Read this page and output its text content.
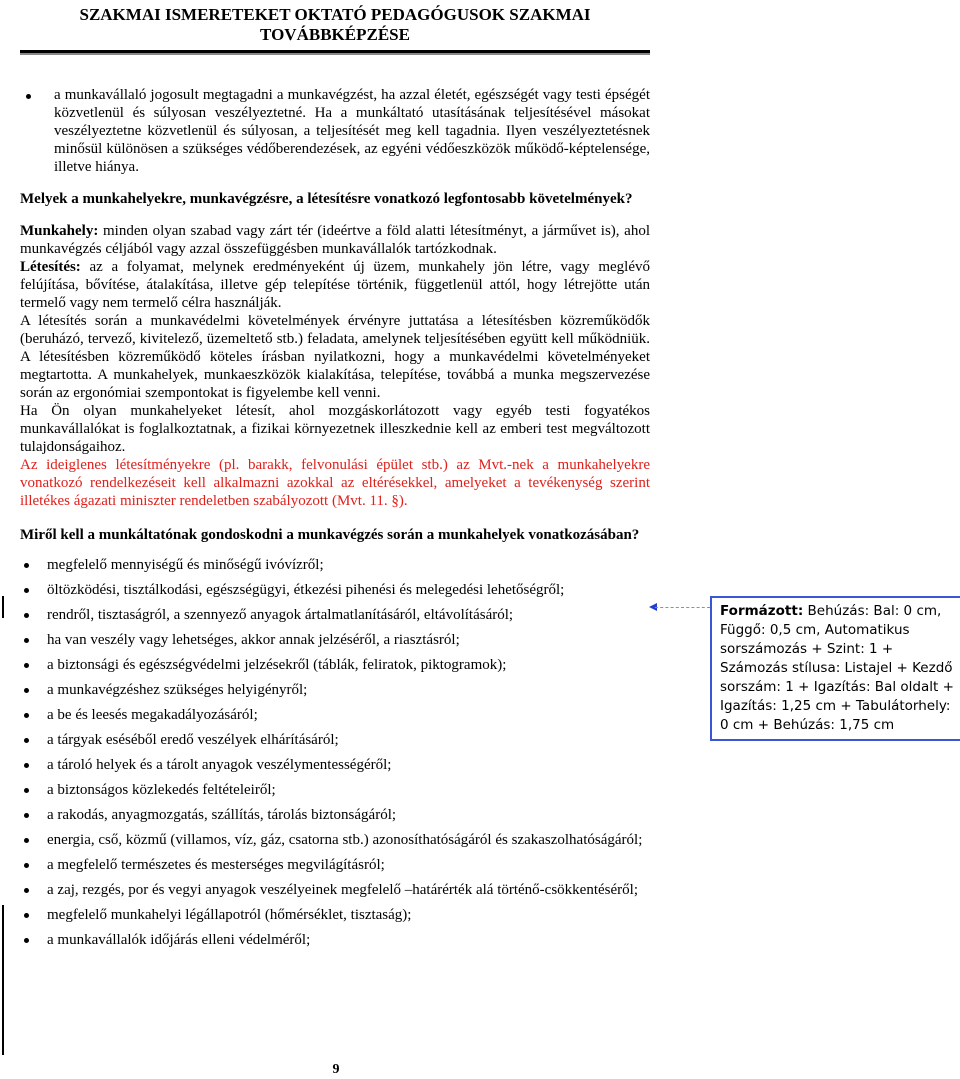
SZAKMAI ISMERETEKET OKTATÓ PEDAGÓGUSOK SZAKMAI TOVÁBBKÉPZÉSE

a munkavállaló jogosult megtagadni a munkavégzést, ha azzal életét, egészségét vagy testi épségét közvetlenül és súlyosan veszélyeztetné. Ha a munkáltató utasításának teljesítésével másokat veszélyeztetne közvetlenül és súlyosan, a teljesítését meg kell tagadnia. Ilyen veszélyeztetésnek minősül különösen a szükséges védőberendezések, az egyéni védőeszközök működő-képtelensége, illetve hiánya.

Melyek a munkahelyekre, munkavégzésre, a létesítésre vonatkozó legfontosabb követelmények?

Munkahely: minden olyan szabad vagy zárt tér (ideértve a föld alatti létesítményt, a járművet is), ahol munkavégzés céljából vagy azzal összefüggésben munkavállalók tartózkodnak.

Létesítés: az a folyamat, melynek eredményeként új üzem, munkahely jön létre, vagy meglévő felújítása, bővítése, átalakítása, illetve gép telepítése történik, függetlenül attól, hogy létrejötte után termelő vagy nem termelő célra használják.

A létesítés során a munkavédelmi követelmények érvényre juttatása a létesítésben közreműködők (beruházó, tervező, kivitelező, üzemeltető stb.) feladata, amelynek teljesítésében együtt kell működniük. A létesítésben közreműködő köteles írásban nyilatkozni, hogy a munkavédelmi követelményeket megtartotta. A munkahelyek, munkaeszközök kialakítása, telepítése, továbbá a munka megszervezése során az ergonómiai szempontokat is figyelembe kell venni.

Ha Ön olyan munkahelyeket létesít, ahol mozgáskorlátozott vagy egyéb testi fogyatékos munkavállalókat is foglalkoztatnak, a fizikai környezetnek illeszkednie kell az emberi test megváltozott tulajdonságaihoz.

Az ideiglenes létesítményekre (pl. barakk, felvonulási épület stb.) az Mvt.-nek a munkahelyekre vonatkozó rendelkezéseit kell alkalmazni azokkal az eltérésekkel, amelyeket a tevékenység szerint illetékes ágazati miniszter rendeletben szabályozott (Mvt. 11. §).

Miről kell a munkáltatónak gondoskodni a munkavégzés során a munkahelyek vonatkozásában?

megfelelő mennyiségű és minőségű ivóvízről;
öltözködési, tisztálkodási, egészségügyi, étkezési pihenési és melegedési lehetőségről;
rendről, tisztaságról, a szennyező anyagok ártalmatlanításáról, eltávolításáról;
ha van veszély vagy lehetséges, akkor annak jelzéséről, a riasztásról;
a biztonsági és egészségvédelmi jelzésekről (táblák, feliratok, piktogramok);
a munkavégzéshez szükséges helyigényről;
a be és leesés megakadályozásáról;
a tárgyak eséséből eredő veszélyek elhárításáról;
a tároló helyek és a tárolt anyagok veszélymentességéről;
a biztonságos közlekedés feltételeiről;
a rakodás, anyagmozgatás, szállítás, tárolás biztonságáról;
energia, cső, közmű (villamos, víz, gáz, csatorna stb.) azonosíthatóságáról és szakaszolhatóságáról;
a megfelelő természetes és mesterséges megvilágításról;
a zaj, rezgés, por és vegyi anyagok veszélyeinek megfelelő –határérték alá történő-csökkentéséről;
megfelelő munkahelyi légállapotról (hőmérséklet, tisztaság);
a munkavállalók időjárás elleni védelméről;
Formázott: Behúzás: Bal: 0 cm, Függő: 0,5 cm, Automatikus sorszámozás + Szint: 1 + Számozás stílusa: Listajel + Kezdő sorszám: 1 + Igazítás: Bal oldalt + Igazítás: 1,25 cm + Tabulátorhely: 0 cm + Behúzás: 1,75 cm
9
